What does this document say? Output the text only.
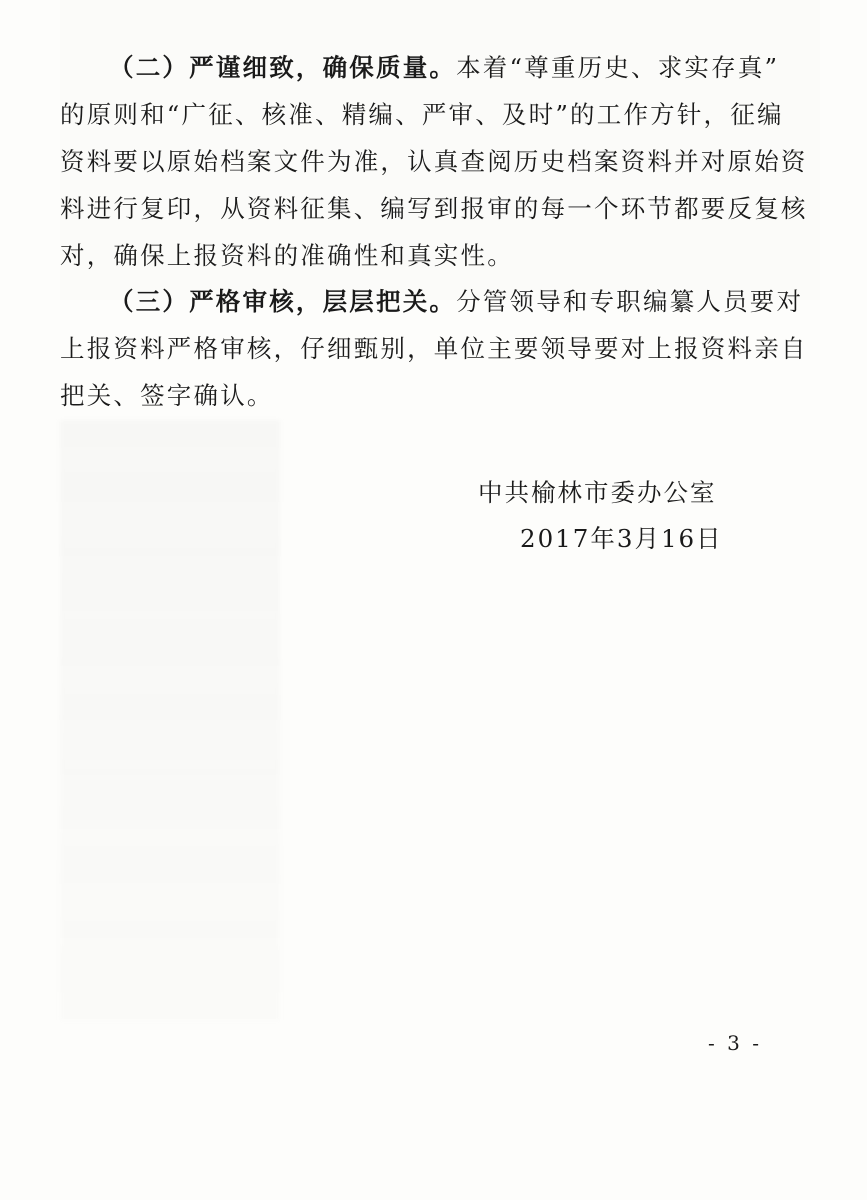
（二）严谨细致，确保质量。本着“尊重历史、求实存真”
的原则和“广征、核准、精编、严审、及时”的工作方针，征编
资料要以原始档案文件为准，认真查阅历史档案资料并对原始资
料进行复印，从资料征集、编写到报审的每一个环节都要反复核
对，确保上报资料的准确性和真实性。
（三）严格审核，层层把关。分管领导和专职编纂人员要对
上报资料严格审核，仔细甄别，单位主要领导要对上报资料亲自
把关、签字确认。
中共榆林市委办公室
2017年3月16日
- 3 -
